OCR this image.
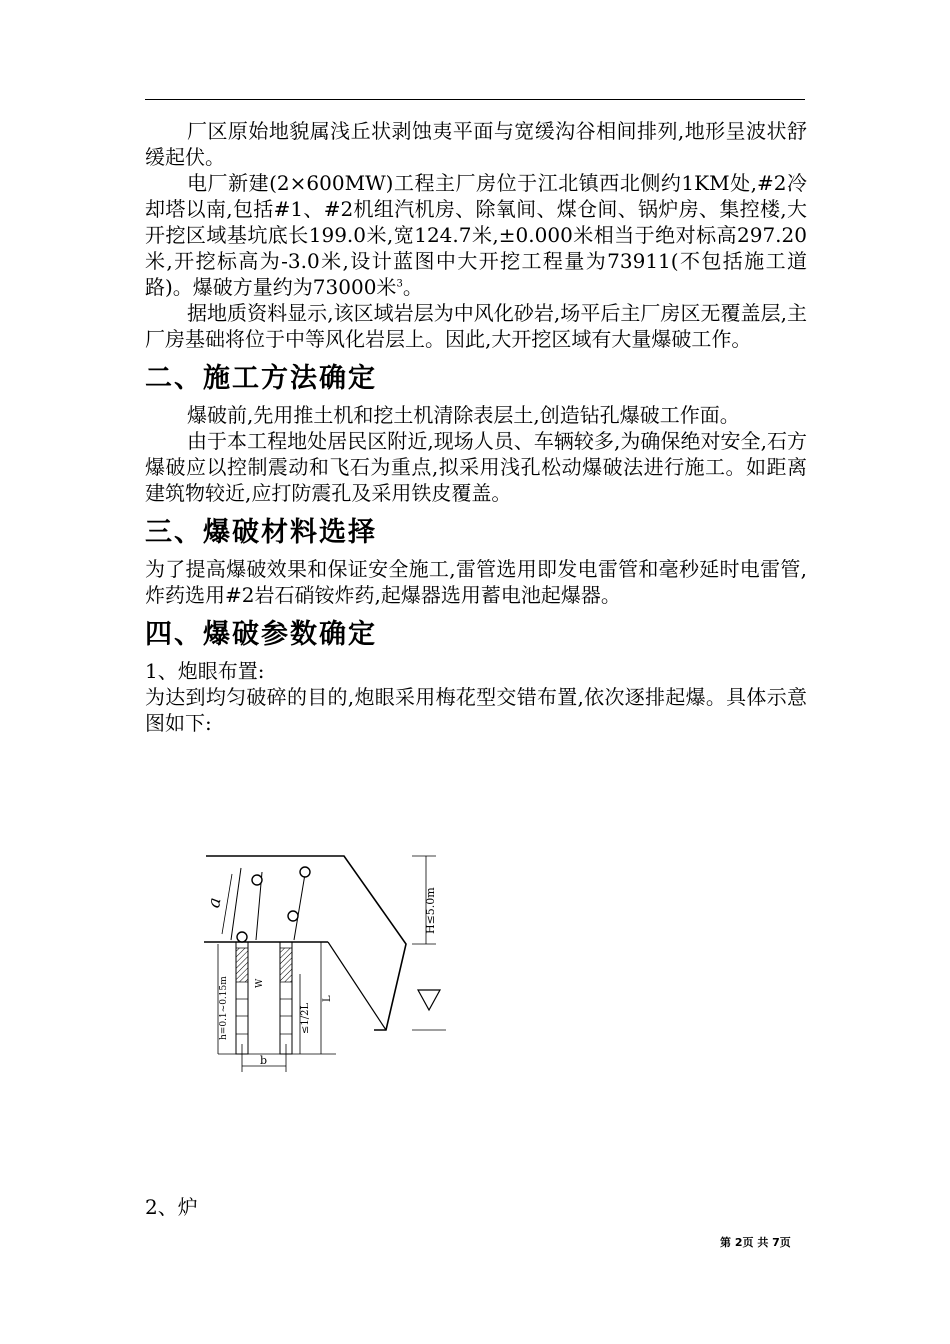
厂区原始地貌属浅丘状剥蚀夷平面与宽缓沟谷相间排列,地形呈波状舒缓起伏。

电厂新建(2×600MW)工程主厂房位于江北镇西北侧约1KM处,#2冷却塔以南,包括#1、#2机组汽机房、除氧间、煤仓间、锅炉房、集控楼,大开挖区域基坑底长199.0米,宽124.7米,±0.000米相当于绝对标高297.20米,开挖标高为-3.0米,设计蓝图中大开挖工程量为73911(不包括施工道路)。爆破方量约为73000米$^3$。

据地质资料显示,该区域岩层为中风化砂岩,场平后主厂房区无覆盖层,主厂房基础将位于中等风化岩层上。因此,大开挖区域有大量爆破工作。

二、施工方法确定

爆破前,先用推土机和挖土机清除表层土,创造钻孔爆破工作面。

由于本工程地处居民区附近,现场人员、车辆较多,为确保绝对安全,石方爆破应以控制震动和飞石为重点,拟采用浅孔松动爆破法进行施工。如距离建筑物较近,应打防震孔及采用铁皮覆盖。

三、爆破材料选择

为了提高爆破效果和保证安全施工,雷管选用即发电雷管和毫秒延时电雷管,炸药选用#2岩石硝铵炸药,起爆器选用蓄电池起爆器。

四、爆破参数确定

1、炮眼布置:

为达到均匀破碎的目的,炮眼采用梅花型交错布置,依次逐排起爆。具体示意图如下:

a	H≤5.0m
W
L
≤1/2L
h=0.1~0.15m
b
2、炉
第 2页 共 7页
